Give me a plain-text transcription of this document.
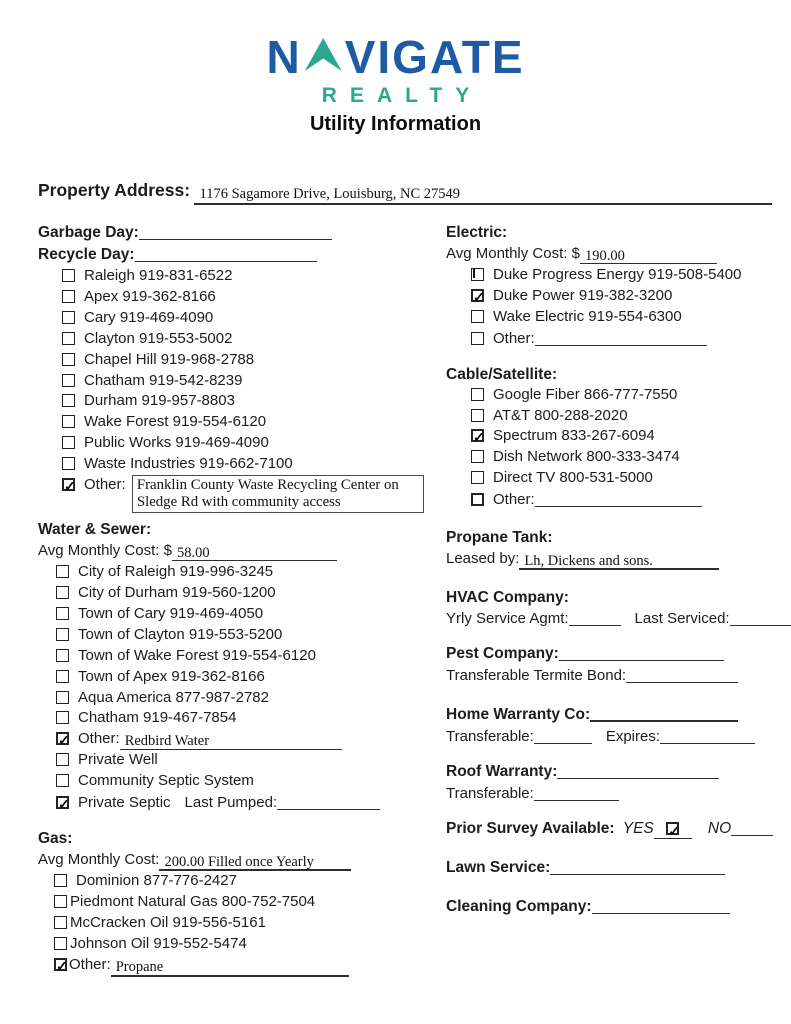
N VIGATE
REALTY
Utility Information
Property Address: 1176 Sagamore Drive, Louisburg, NC 27549
Garbage Day:
Recycle Day:
Raleigh 919-831-6522
Apex 919-362-8166
Cary 919-469-4090
Clayton 919-553-5002
Chapel Hill 919-968-2788
Chatham 919-542-8239
Durham 919-957-8803
Wake Forest 919-554-6120
Public Works 919-469-4090
Waste Industries 919-662-7100
✓Other: Franklin County Waste Recycling Center on
Sledge Rd with community access
Water & Sewer:
Avg Monthly Cost: $ 58.00
City of Raleigh 919-996-3245
City of Durham 919-560-1200
Town of Cary 919-469-4050
Town of Clayton 919-553-5200
Town of Wake Forest 919-554-6120
Town of Apex 919-362-8166
Aqua America 877-987-2782
Chatham 919-467-7854
✓Other: Redbird Water
Private Well
Community Septic System
✓Private Septic Last Pumped:
Gas:
Avg Monthly Cost: 200.00 Filled once Yearly
Dominion 877-776-2427
Piedmont Natural Gas 800-752-7504
McCracken Oil 919-556-5161
Johnson Oil 919-552-5474
✓Other: Propane
Electric:
Avg Monthly Cost: $ 190.00
Duke Progress Energy 919-508-5400
✓Duke Power 919-382-3200
Wake Electric 919-554-6300
Other:
Cable/Satellite:
Google Fiber 866-777-7550
AT&T 800-288-2020
✓Spectrum 833-267-6094
Dish Network 800-333-3474
Direct TV 800-531-5000
Other:
Propane Tank:
Leased by: Lh, Dickens and sons.
HVAC Company:
Yrly Service Agmt:	Last Serviced:
Pest Company:
Transferable Termite Bond:
Home Warranty Co:
Transferable:	Expires:
Roof Warranty:
Transferable:
Prior Survey Available: YES ✓	NO
Lawn Service:
Cleaning Company:
